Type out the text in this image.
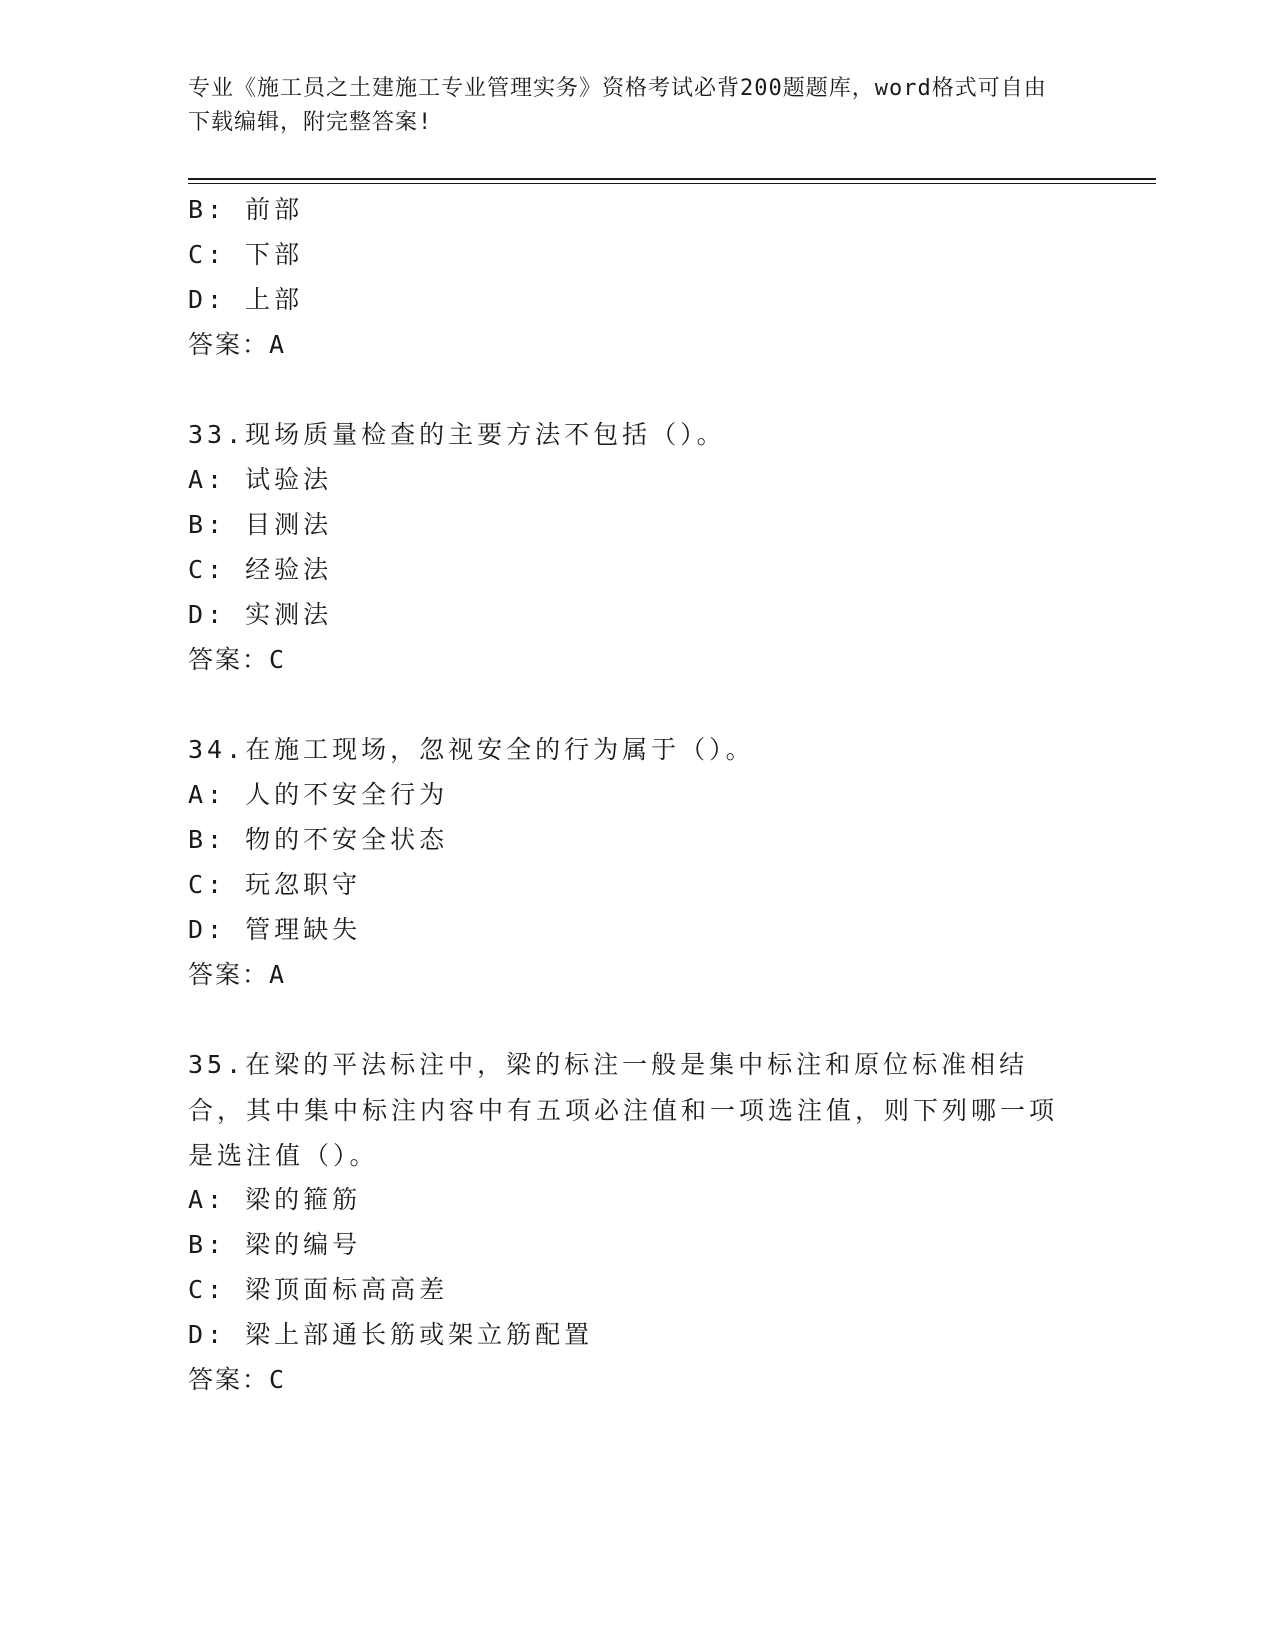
专业《施工员之土建施工专业管理实务》资格考试必背200题题库，word格式可自由下载编辑，附完整答案!
B: 前部
C: 下部
D: 上部
答案：A
33.现场质量检查的主要方法不包括（）。
A: 试验法
B: 目测法
C: 经验法
D: 实测法
答案：C
34.在施工现场，忽视安全的行为属于（）。
A: 人的不安全行为
B: 物的不安全状态
C: 玩忽职守
D: 管理缺失
答案：A
35.在梁的平法标注中，梁的标注一般是集中标注和原位标准相结合，其中集中标注内容中有五项必注值和一项选注值，则下列哪一项是选注值（）。
A: 梁的箍筋
B: 梁的编号
C: 梁顶面标高高差
D: 梁上部通长筋或架立筋配置
答案：C
